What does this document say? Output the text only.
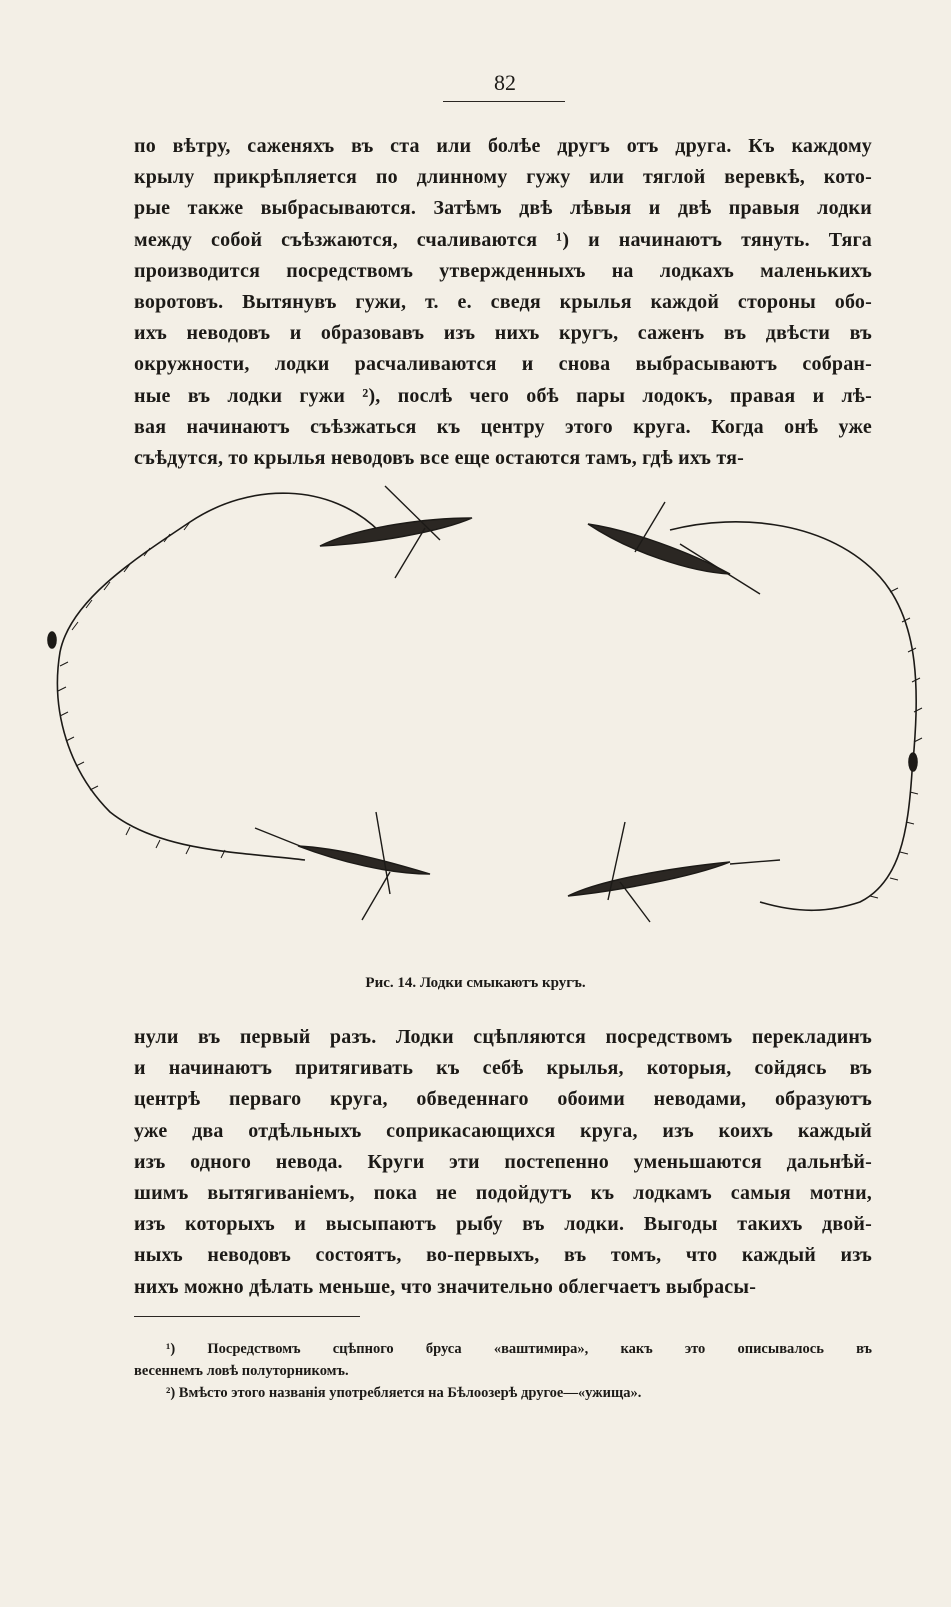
82
по вѣтру, саженяхъ въ ста или болѣе другъ отъ друга. Къ каждому
крылу прикрѣпляется по длинному гужу или тяглой веревкѣ, кото-
рые также выбрасываются. Затѣмъ двѣ лѣвыя и двѣ правыя лодки
между собой съѣзжаются, счаливаются ¹) и начинаютъ тянуть. Тяга
производится посредствомъ утвержденныхъ на лодкахъ маленькихъ
воротовъ. Вытянувъ гужи, т. е. сведя крылья каждой стороны обо-
ихъ неводовъ и образовавъ изъ нихъ кругъ, саженъ въ двѣсти въ
окружности, лодки расчаливаются и снова выбрасываютъ собран-
ные въ лодки гужи ²), послѣ чего обѣ пары лодокъ, правая и лѣ-
вая начинаютъ съѣзжаться къ центру этого круга. Когда онѣ уже
съѣдутся, то крылья неводовъ все еще остаются тамъ, гдѣ ихъ тя-
Рис. 14. Лодки смыкаютъ кругъ.
нули въ первый разъ. Лодки сцѣпляются посредствомъ перекладинъ
и начинаютъ притягивать къ себѣ крылья, которыя, сойдясь въ
центрѣ перваго круга, обведеннаго обоими неводами, образуютъ
уже два отдѣльныхъ соприкасающихся круга, изъ коихъ каждый
изъ одного невода. Круги эти постепенно уменьшаются дальнѣй-
шимъ вытягиванiемъ, пока не подойдутъ къ лодкамъ самыя мотни,
изъ которыхъ и высыпаютъ рыбу въ лодки. Выгоды такихъ двой-
ныхъ неводовъ состоятъ, во-первыхъ, въ томъ, что каждый изъ
нихъ можно дѣлать меньше, что значительно облегчаетъ выбрасы-
¹) Посредствомъ сцѣпного бруса «ваштимира», какъ это описывалось въ
весеннемъ ловѣ полуторникомъ.
²) Вмѣсто этого названiя употребляется на Бѣлоозерѣ другое—«ужища».
